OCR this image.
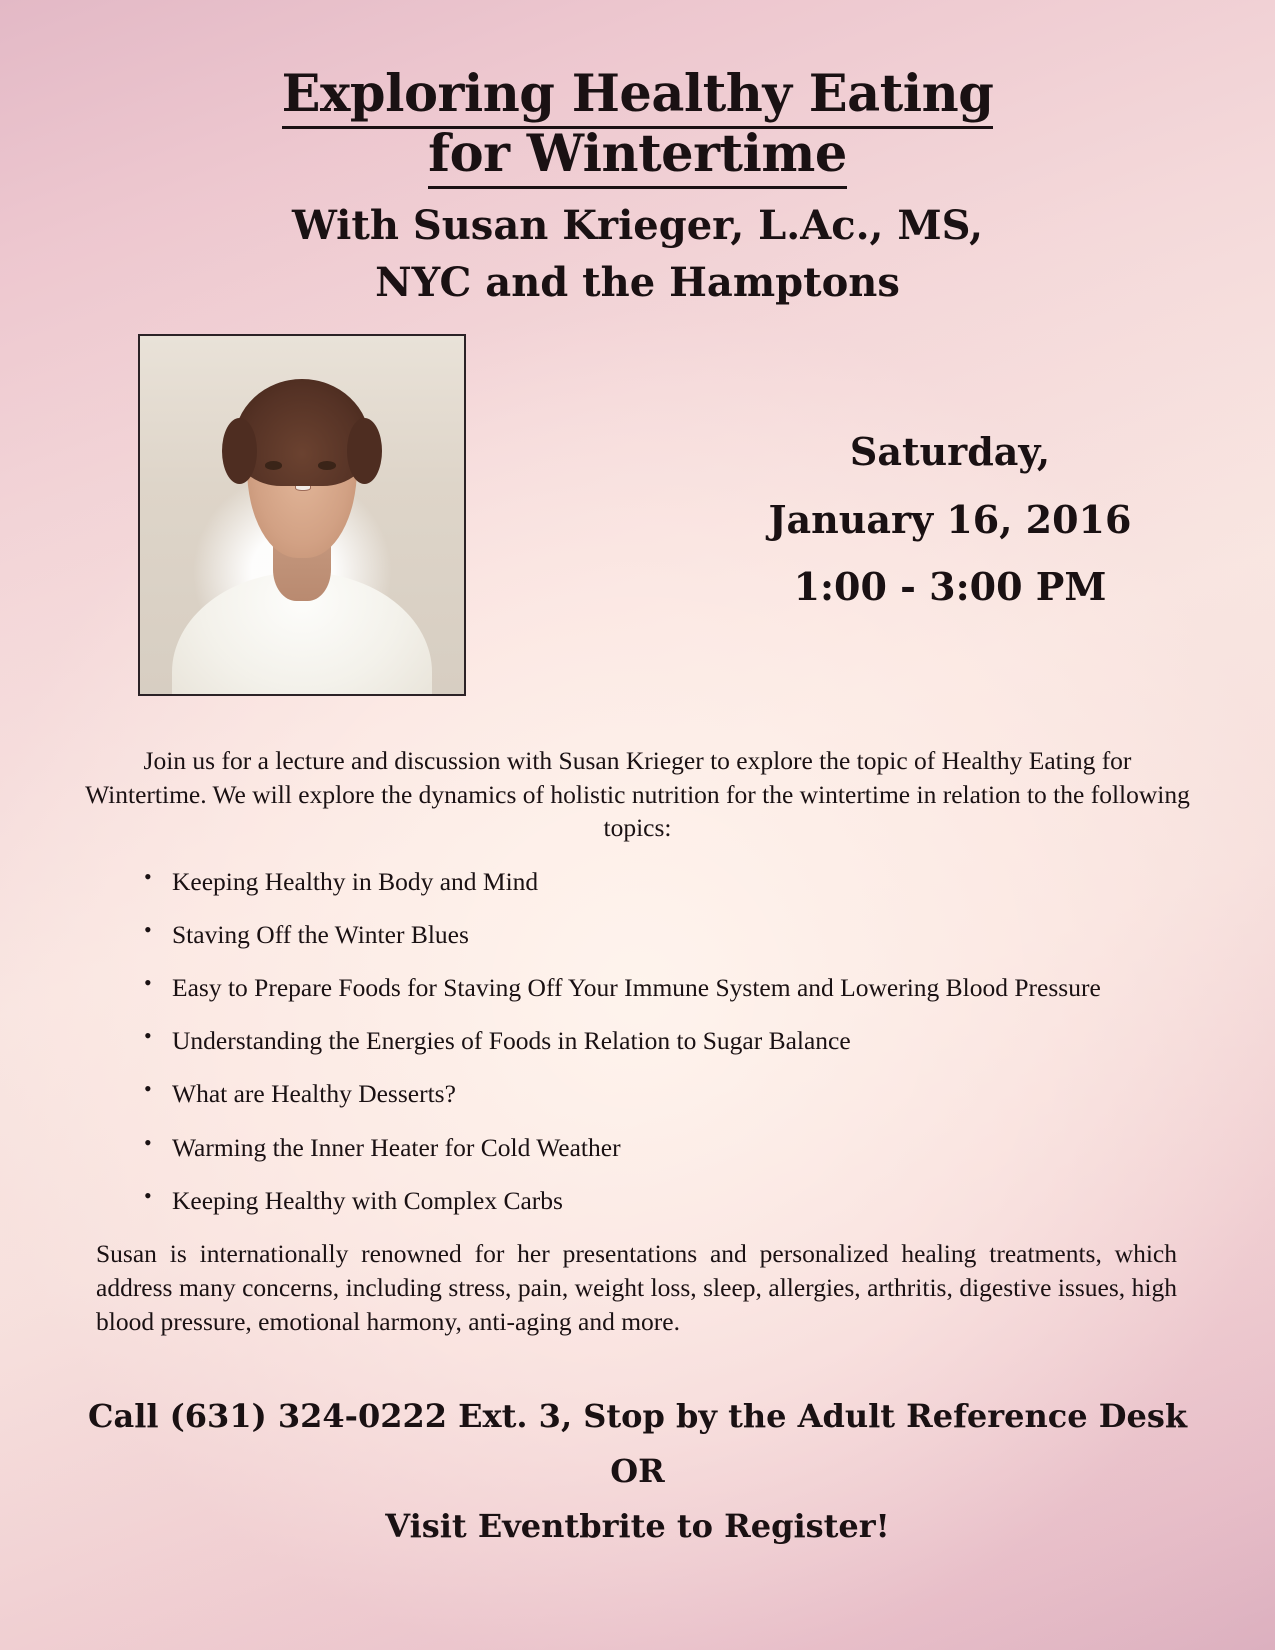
Exploring Healthy Eating
for Wintertime
With Susan Krieger, L.Ac., MS,
NYC and the Hamptons
Saturday,
January 16, 2016
1:00 - 3:00 PM
Join us for a lecture and discussion with Susan Krieger to explore the topic of Healthy Eating for Wintertime. We will explore the dynamics of holistic nutrition for the wintertime in relation to the following topics:
• Keeping Healthy in Body and Mind
• Staving Off the Winter Blues
• Easy to Prepare Foods for Staving Off Your Immune System and Lowering Blood Pressure
• Understanding the Energies of Foods in Relation to Sugar Balance
• What are Healthy Desserts?
• Warming the Inner Heater for Cold Weather
• Keeping Healthy with Complex Carbs
Susan is internationally renowned for her presentations and personalized healing treatments, which address many concerns, including stress, pain, weight loss, sleep, allergies, arthritis, digestive issues, high blood pressure, emotional harmony, anti-aging and more.
Call (631) 324-0222 Ext. 3, Stop by the Adult Reference Desk OR
Visit Eventbrite to Register!
